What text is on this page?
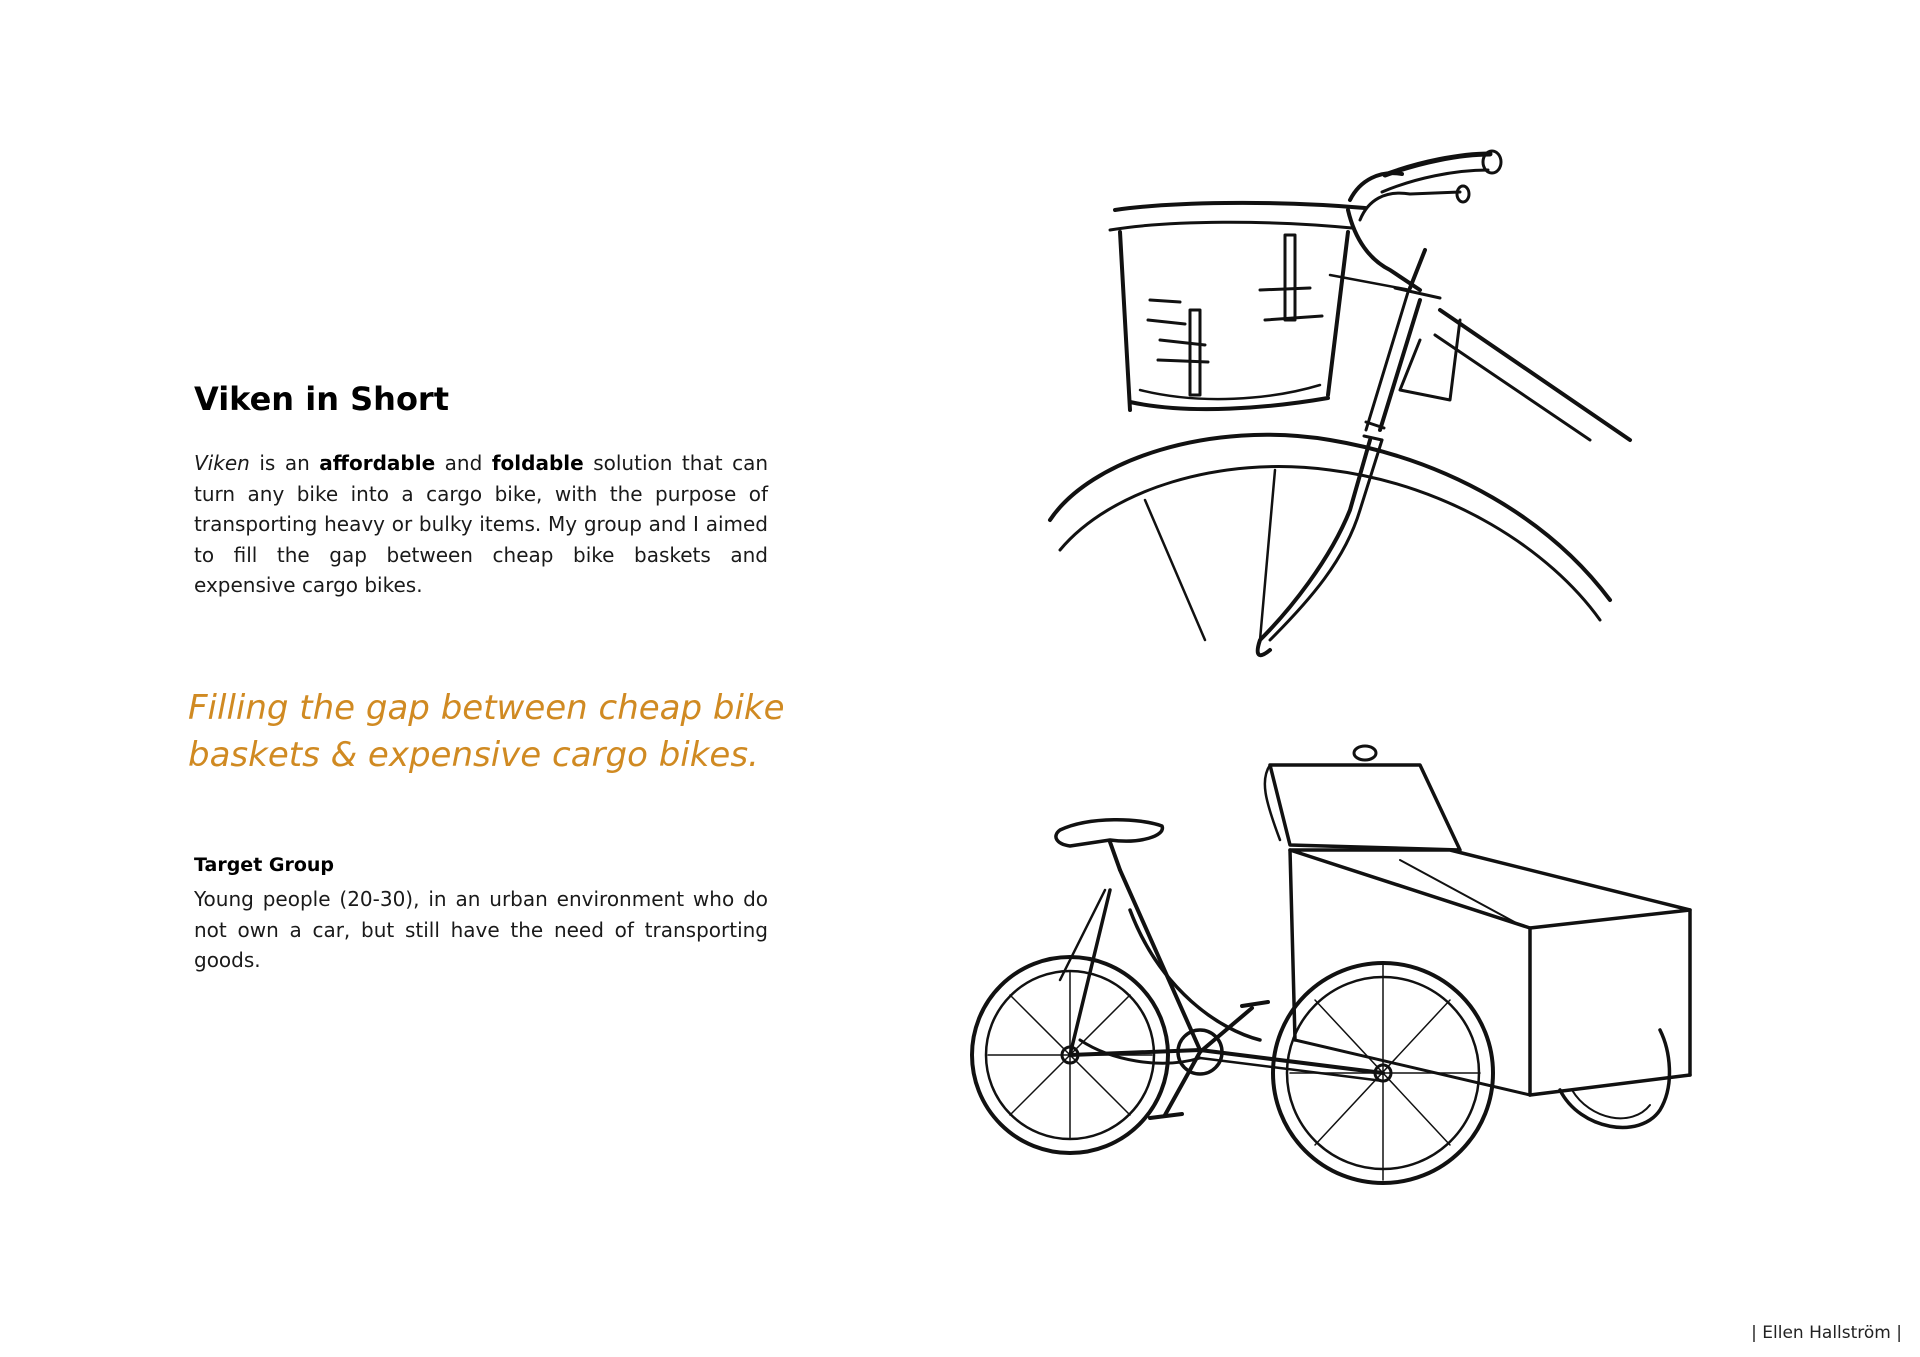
Viken in Short

Viken is an affordable and foldable solution that can turn any bike into a cargo bike, with the purpose of transporting heavy or bulky items. My group and I aimed to fill the gap between cheap bike baskets and expensive cargo bikes.

Filling the gap between cheap bike
baskets & expensive cargo bikes.

Target Group

Young people (20-30), in an urban environment who do not own a car, but still have the need of transporting goods.

| Ellen Hallström |
